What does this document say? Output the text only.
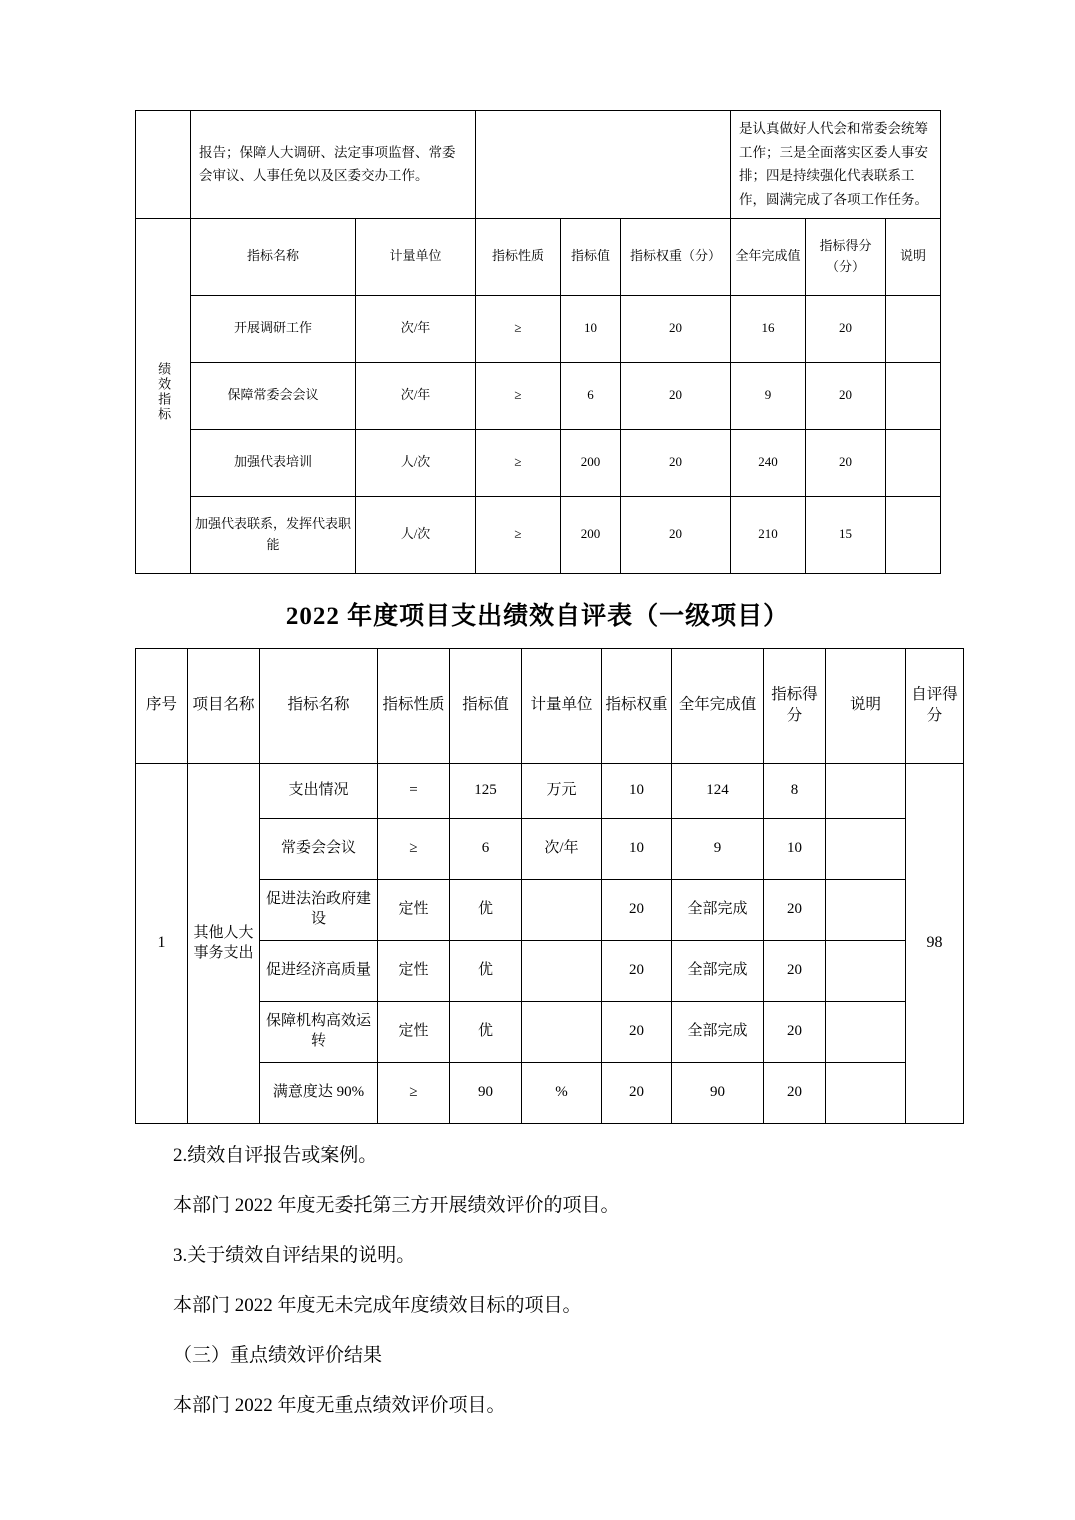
	报告；保障人大调研、法定事项监督、常委会审议、人事任免以及区委交办工作。					是认真做好人代会和常委会统筹工作；三是全面落实区委人事安排；四是持续强化代表联系工作，圆满完成了各项工作任务。		
绩效指标	指标名称	计量单位	指标性质	指标值	指标权重（分）	全年完成值	指标得分（分）	说明
	开展调研工作	次/年	≥	10	20	16	20	
	保障常委会会议	次/年	≥	6	20	9	20	
	加强代表培训	人/次	≥	200	20	240	20	
	加强代表联系，发挥代表职能	人/次	≥	200	20	210	15	
2022 年度项目支出绩效自评表（一级项目）
序号	项目名称	指标名称	指标性质	指标值	计量单位	指标权重	全年完成值	指标得分	说明	自评得分
1	其他人大事务支出	支出情况	=	125	万元	10	124	8		98
		常委会会议	≥	6	次/年	10	9	10		
		促进法治政府建设	定性	优		20	全部完成	20		
		促进经济高质量	定性	优		20	全部完成	20		
		保障机构高效运转	定性	优		20	全部完成	20		
		满意度达 90%	≥	90	%	20	90	20		

2.绩效自评报告或案例。

本部门 2022 年度无委托第三方开展绩效评价的项目。

3.关于绩效自评结果的说明。

本部门 2022 年度无未完成年度绩效目标的项目。

（三）重点绩效评价结果

本部门 2022 年度无重点绩效评价项目。
